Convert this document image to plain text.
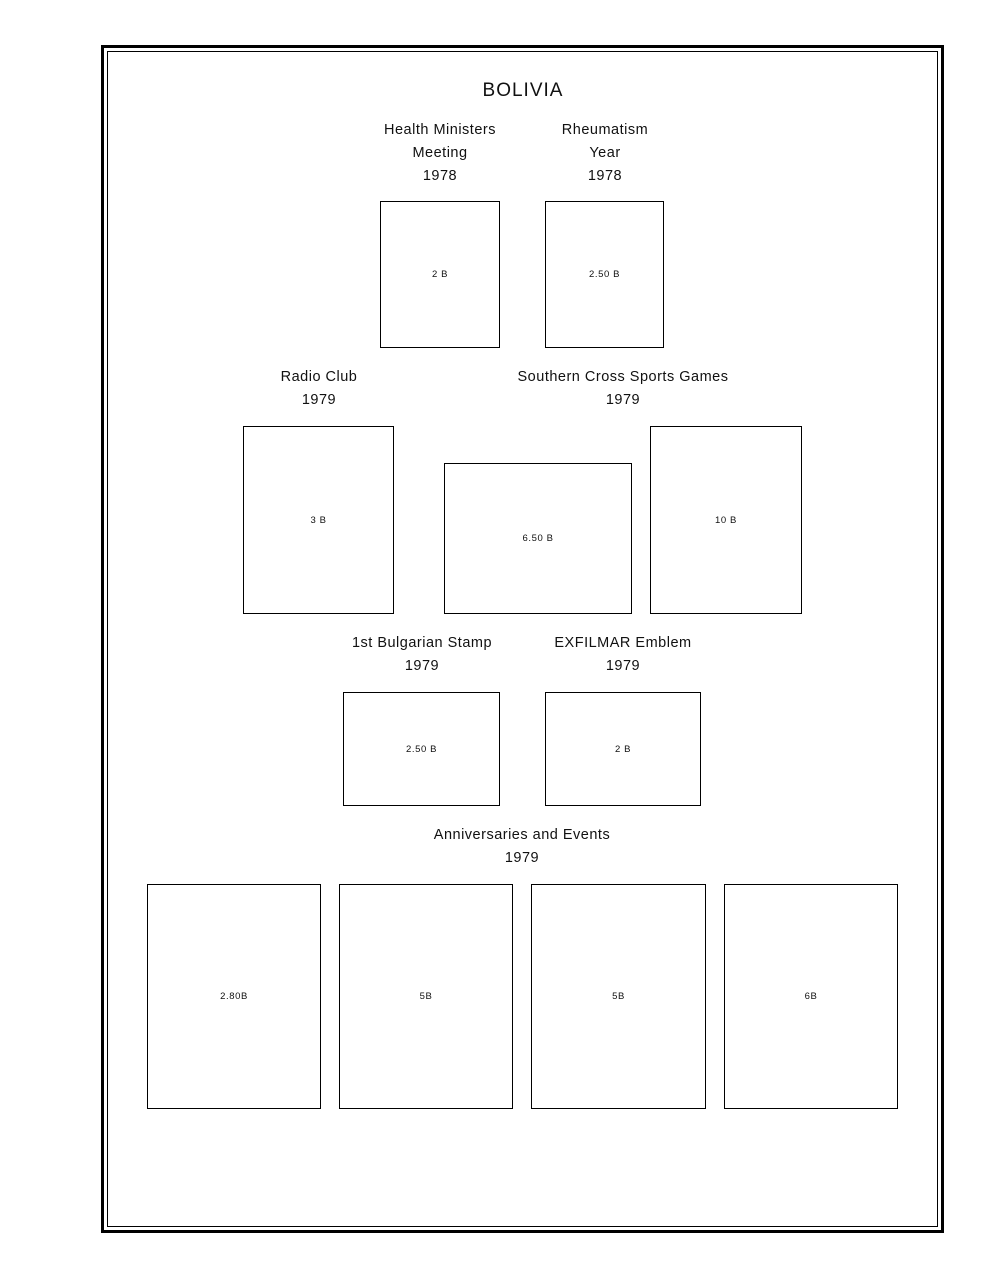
BOLIVIA
Health Ministers
Meeting
1978
2 B
Rheumatism
Year
1978
2.50 B
Radio Club
1979
3 B
Southern Cross Sports Games
1979
6.50 B
10 B
1st Bulgarian Stamp
1979
2.50 B
EXFILMAR Emblem
1979
2 B
Anniversaries and Events
1979
2.80B	5B	5B	6B
